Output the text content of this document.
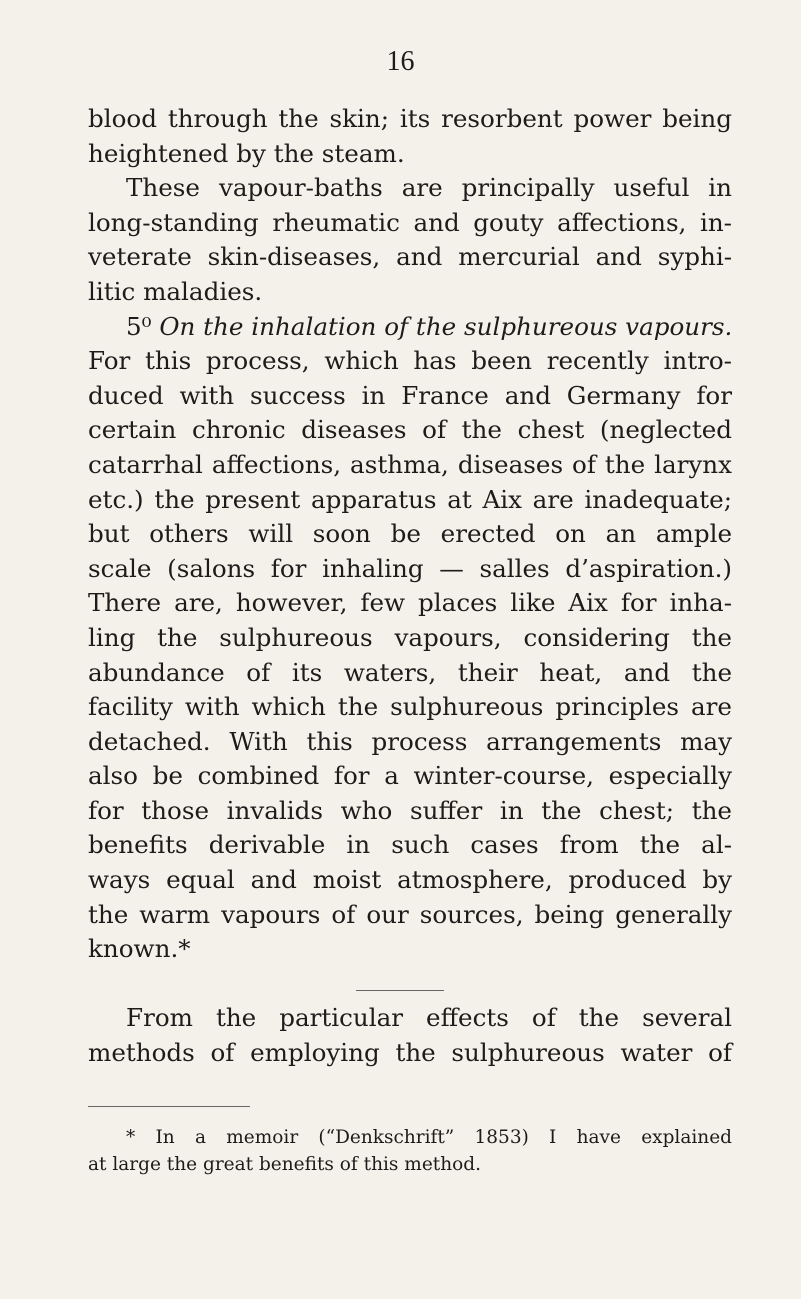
16
blood through the skin; its resorbent power being
heightened by the steam.
These vapour-baths are principally useful in
long-standing rheumatic and gouty affections, in-
veterate skin-diseases, and mercurial and syphi-
litic maladies.
5⁰ On the inhalation of the sulphureous vapours.
For this process, which has been recently intro-
duced with success in France and Germany for
certain chronic diseases of the chest (neglected
catarrhal affections, asthma, diseases of the larynx
etc.) the present apparatus at Aix are inadequate;
but others will soon be erected on an ample
scale (salons for inhaling — salles d’aspiration.)
There are, however, few places like Aix for inha-
ling the sulphureous vapours, considering the
abundance of its waters, their heat, and the
facility with which the sulphureous principles are
detached. With this process arrangements may
also be combined for a winter-course, especially
for those invalids who suffer in the chest; the
benefits derivable in such cases from the al-
ways equal and moist atmosphere, produced by
the warm vapours of our sources, being generally
known.*
From the particular effects of the several
methods of employing the sulphureous water of
* In a memoir (“Denkschrift” 1853) I have explained
at large the great benefits of this method.
